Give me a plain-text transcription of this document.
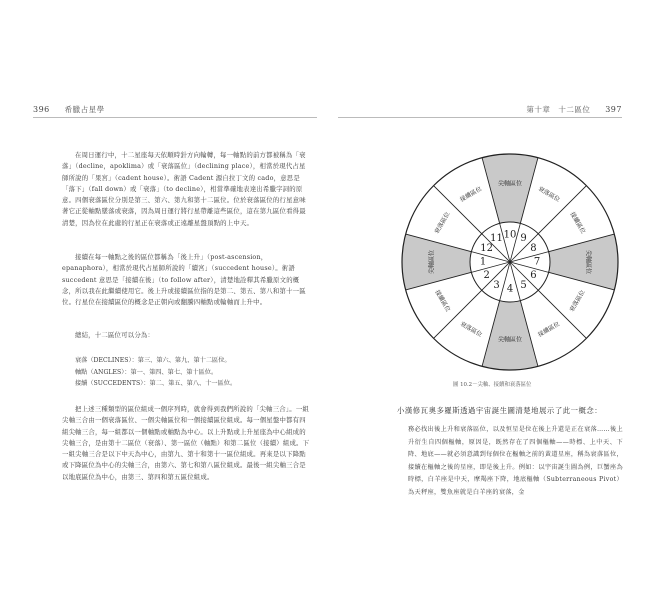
396 希臘占星學	第十章　十二區位 397

在周日運行中，十二星座每天依順時針方向輪轉，每一軸點的前方都被稱為「衰落」（decline，apoklima）或「衰落區位」（declining place），相當於現代占星師所說的「果宮」（cadent house）。術語 Cadent 源自拉丁文的 cado，意思是「落下」（fall down）或「衰落」（to decline），相當準確地表達出希臘字詞的原意。四個衰落區位分別是第三、第六、第九和第十二區位。位於衰落區位的行星意味著它正從軸點墜落或衰落，因為周日運行將行星帶離這些區位，這在第九區位看得最清楚，因為位在此處的行星正在衰落或正遠離星盤頂點的上中天。

接續在每一軸點之後的區位都稱為「後上升」（post-ascension，epanaphora），相當於現代占星師所說的「續宮」（succedent house）。術語 succedent 意思是「接續在後」（to follow after），清楚地詮釋其希臘原文的概念，所以我在此繼續使用它。後上升或接續區位指的是第二、第五、第八和第十一區位。行星位在接續區位的概念是正朝向或翻騰四軸點或輪軸而上升中。

總結，十二區位可以分為：

衰落（DECLINES）：第三、第六、第九、第十二區位。
軸點（ANGLES）：第一、第四、第七、第十區位。
接續（SUCCEDENTS）：第二、第五、第八、十一區位。

把上述三種類型的區位組成一個序列時，就會得到我們所說的「尖軸三合」。一組尖軸三合由一個衰落區位、一個尖軸區位和一個接續區位組成。每一個星盤中都有四組尖軸三合，每一組都以一個軸點或軸點為中心。以上升點或上升星座為中心組成的尖軸三合，是由第十二區位（衰落）、第一區位（軸點）和第二區位（接續）組成。下一組尖軸三合是以下中天為中心，由第九、第十和第十一區位組成。再來是以下降點或下降區位為中心的尖軸三合，由第六、第七和第八區位組成。最後一組尖軸三合是以地底區位為中心，由第三、第四和第五區位組成。

尖軸區位
接續區位
衰落區位
尖軸區位
接續區位
衰落區位
尖軸區位
接續區位
衰落區位
尖軸區位
接續區位
衰落區位
1
2
3 4 5
6
7
8
9
10
11
12
圖 10.2－尖軸、接續和衰落區位
小漢修瓦奧多羅斯透過宇宙誕生圖清楚地展示了此一概念：
務必找出後上升和衰落區位，以及恒星是位在後上升還是正在衰落……後上升衍生自四個樞軸，原因是，既然存在了四個樞軸——時標、上中天、下降、地底——就必須意識到每個位在樞軸之前的黃道星座，稱為衰落區位，接續在樞軸之後的星座，即是後上升。例如：以宇宙誕生圖為例，巨蟹座為時標，白羊座是中天，摩羯座下降，地底樞軸（Subterraneous Pivot）為天秤座，雙魚座就是白羊座的衰落，金
